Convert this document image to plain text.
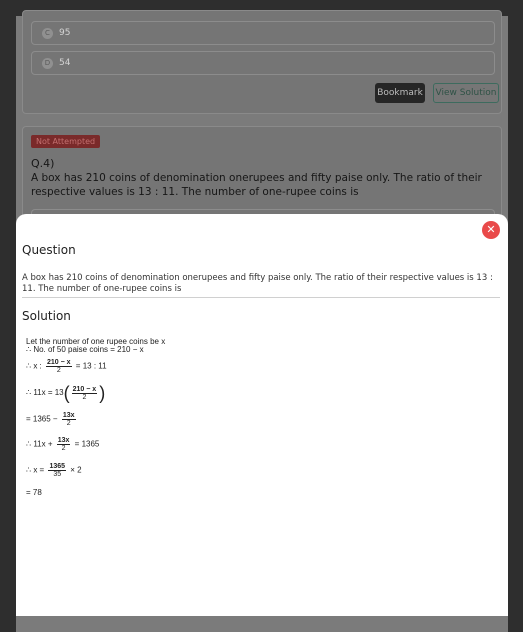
C	95
D 54
Bookmark View Solution
Not Attempted
Q.4)
A box has 210 coins of denomination onerupees and fifty paise only. The ratio of their respective values is 13 : 11. The number of one-rupee coins is
✕
Question
A box has 210 coins of denomination onerupees and fifty paise only. The ratio of their respective values is 13 : 11. The number of one-rupee coins is
Solution
Let the number of one rupee coins be x
∴ No. of 50 paise coins = 210 − x
∴ x : $\frac{210 - x}{2} = 13$ : 11
∴ $11x = 13( \frac{210 - x}{2}$ )
= $1365 - \frac{13x}{2}$
∴ $11x + \frac{13x}{2} = 1365$
∴ $x = \frac{1365}{35} \times 2$
= 78
